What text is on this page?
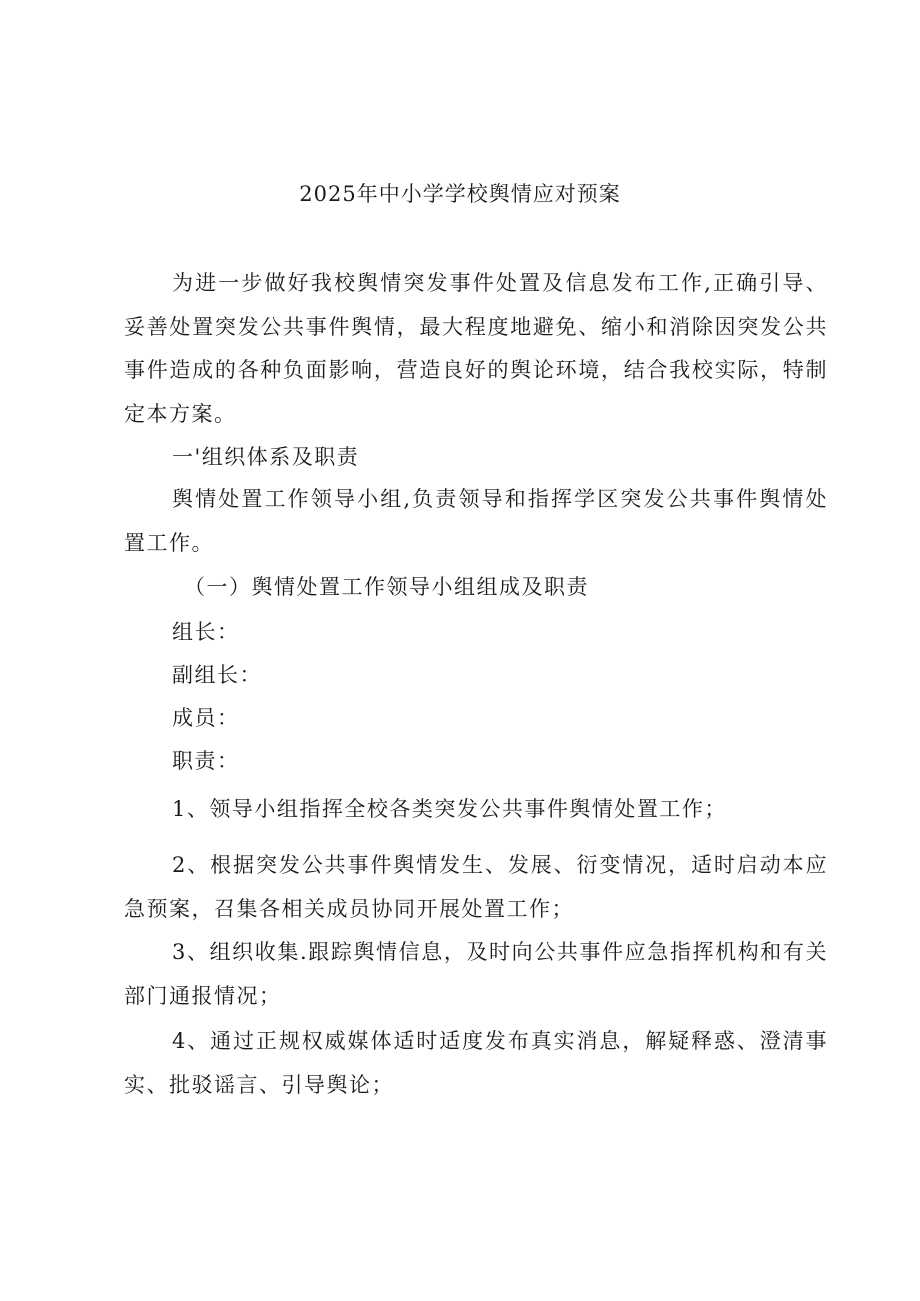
2025年中小学学校舆情应对预案

为进一步做好我校舆情突发事件处置及信息发布工作,正确引导、妥善处置突发公共事件舆情，最大程度地避免、缩小和消除因突发公共事件造成的各种负面影响，营造良好的舆论环境，结合我校实际，特制定本方案。

一'组织体系及职责

舆情处置工作领导小组,负责领导和指挥学区突发公共事件舆情处置工作。

（一）舆情处置工作领导小组组成及职责
组长：
副组长：
成员：
职责：
1、领导小组指挥全校各类突发公共事件舆情处置工作；

2、根据突发公共事件舆情发生、发展、衍变情况，适时启动本应急预案，召集各相关成员协同开展处置工作；

3、组织收集.跟踪舆情信息，及时向公共事件应急指挥机构和有关部门通报情况；

4、通过正规权威媒体适时适度发布真实消息，解疑释惑、澄清事实、批驳谣言、引导舆论；
